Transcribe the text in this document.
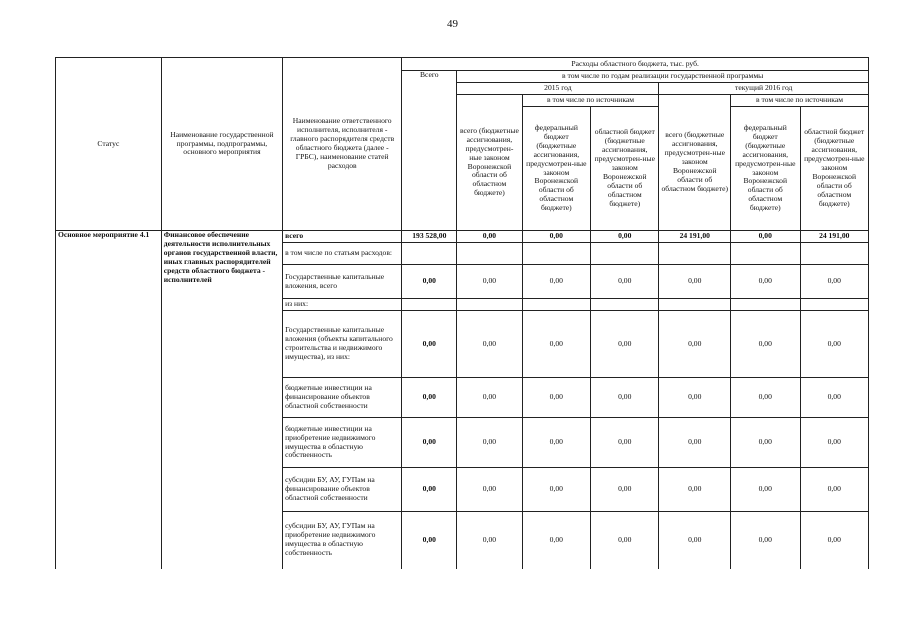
49
Статус	Наименование государственной программы, подпрограммы, основного мероприятия	Наименование ответственного исполнителя, исполнителя - главного распорядителя средств областного бюджета (далее - ГРБС), наименование статей расходов	Расходы областного бюджета, тыс. руб.						
			Всего	в том числе по годам реализации государственной программы					
				2015 год			текущий 2016 год		
				всего (бюджетные ассигнования, предусмотрен-ные законом Воронежской области об областном бюджете)	в том числе по источникам		всего (бюджетные ассигнования, предусмотрен-ные законом Воронежской области об областном бюджете)	в том числе по источникам	
					федеральный бюджет (бюджетные ассигнования, предусмотрен-ные законом Воронежской области об областном бюджете)	областной бюджет (бюджетные ассигнования, предусмотрен-ные законом Воронежской области об областном бюджете)		федеральный бюджет (бюджетные ассигнования, предусмотрен-ные законом Воронежской области об областном бюджете)	областной бюджет (бюджетные ассигнования, предусмотрен-ные законом Воронежской области об областном бюджете)
Основное мероприятие 4.1	Финансовое обеспечение деятельности исполнительных органов государственной власти, иных главных распорядителей средств областного бюджета - исполнителей	всего	193 528,00	0,00	0,00	0,00	24 191,00	0,00	24 191,00
		в том числе по статьям расходов:							
		Государственные капитальные вложения, всего	0,00	0,00	0,00	0,00	0,00	0,00	0,00
		из них:							
		Государственные капитальные вложения (объекты капитального строительства и недвижимого имущества), из них:	0,00	0,00	0,00	0,00	0,00	0,00	0,00
		бюджетные инвестиции на финансирование объектов областной собственности	0,00	0,00	0,00	0,00	0,00	0,00	0,00
		бюджетные инвестиции на приобретение недвижимого имущества в областную собственность	0,00	0,00	0,00	0,00	0,00	0,00	0,00
		субсидии БУ, АУ, ГУПам на финансирование объектов областной собственности	0,00	0,00	0,00	0,00	0,00	0,00	0,00
		субсидии БУ, АУ, ГУПам на приобретение недвижимого имущества в областную собственность	0,00	0,00	0,00	0,00	0,00	0,00	0,00
